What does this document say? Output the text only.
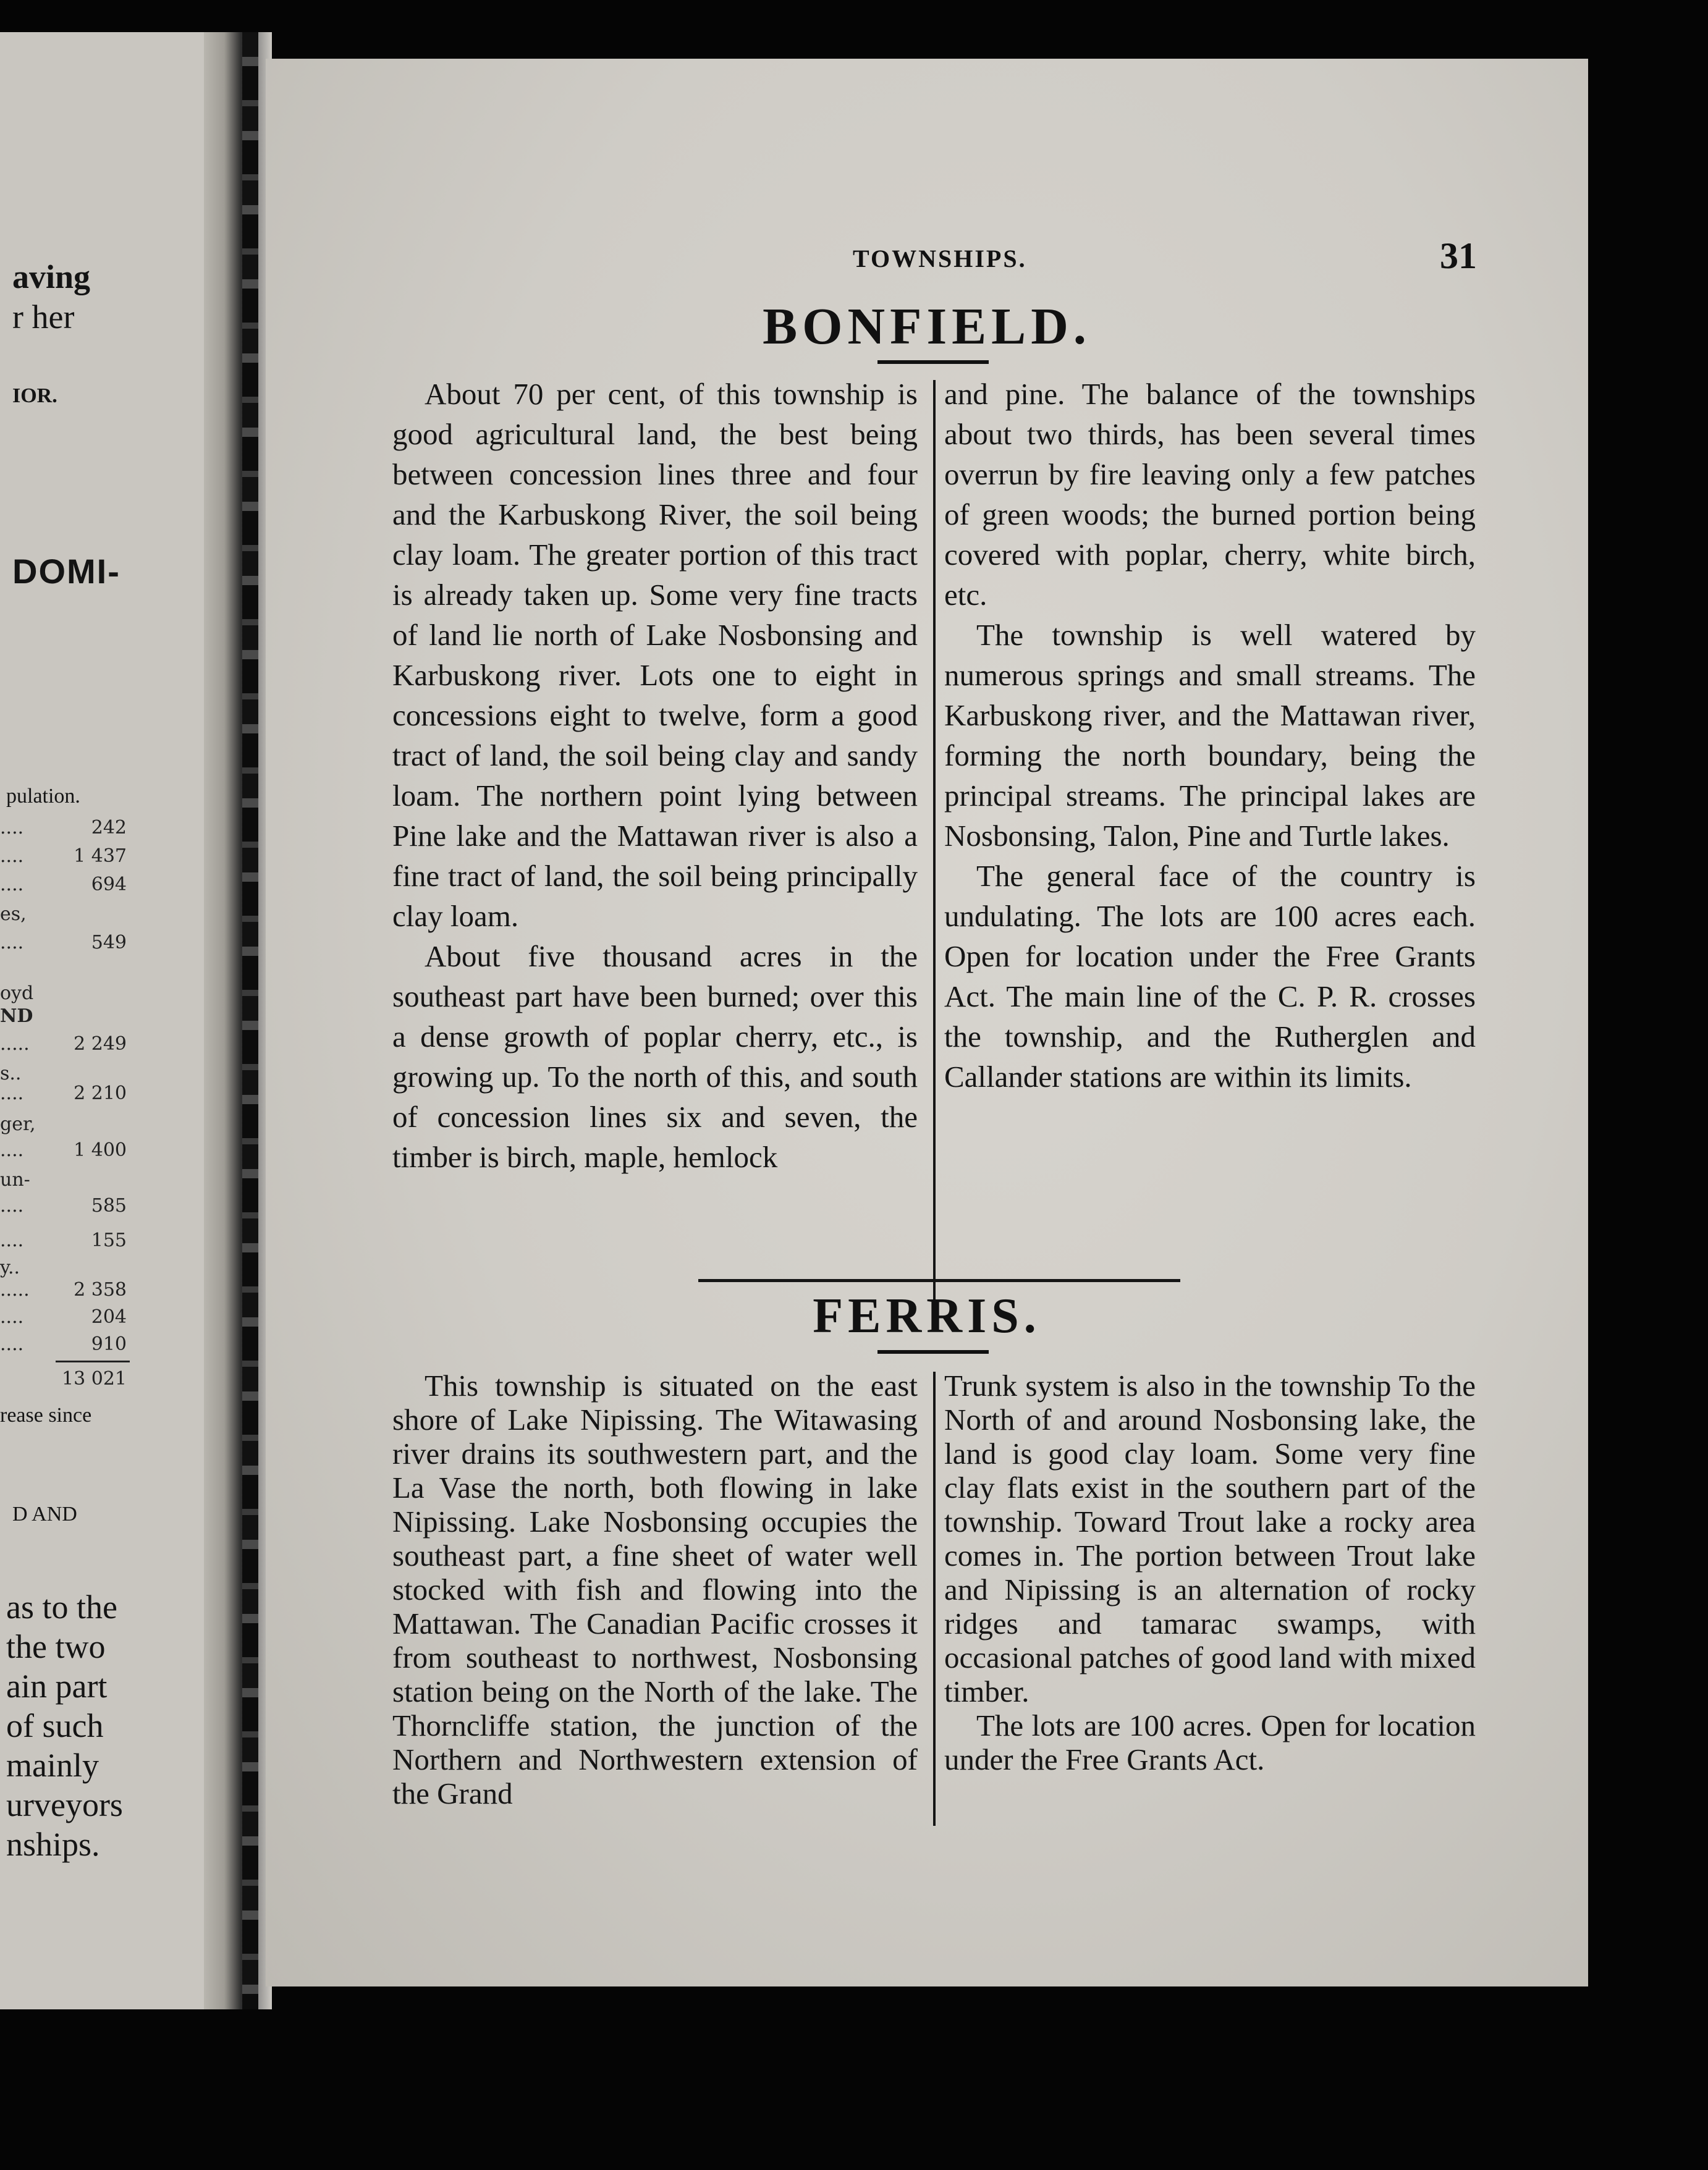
aving
r her
IOR.
DOMI-
pulation.
....	242
....	1 437
....	694
es,
....	549
oyd
ND
..... 2 249
s..
....	2 210
ger,
....	1 400
un-
....	585
....	155
y..
..... 2 358
....	204
....	910
13 021
rease since
D AND
as to the
the two
ain part
of such
mainly
urveyors
nships.
TOWNSHIPS.	31
BONFIELD.

About 70 per cent, of this township is good agricultural land, the best being between concession lines three and four and the Karbuskong River, the soil being clay loam. The greater portion of this tract is already taken up. Some very fine tracts of land lie north of Lake Nosbonsing and Karbuskong river. Lots one to eight in concessions eight to twelve, form a good tract of land, the soil being clay and sandy loam. The northern point lying between Pine lake and the Mattawan river is also a fine tract of land, the soil being principally clay loam.

About five thousand acres in the southeast part have been burned; over this a dense growth of poplar cherry, etc., is growing up. To the north of this, and south of concession lines six and seven, the timber is birch, maple, hemlock

and pine. The balance of the townships about two thirds, has been several times overrun by fire leaving only a few patches of green woods; the burned portion being covered with poplar, cherry, white birch, etc.

The township is well watered by numerous springs and small streams. The Karbuskong river, and the Mattawan river, forming the north boundary, being the principal streams. The principal lakes are Nosbonsing, Talon, Pine and Turtle lakes.

The general face of the country is undulating. The lots are 100 acres each. Open for location under the Free Grants Act. The main line of the C. P. R. crosses the township, and the Rutherglen and Callander stations are within its limits.

FERRIS.

This township is situated on the east shore of Lake Nipissing. The Witawasing river drains its southwestern part, and the La Vase the north, both flowing in lake Nipissing. Lake Nosbonsing occupies the southeast part, a fine sheet of water well stocked with fish and flowing into the Mattawan. The Canadian Pacific crosses it from southeast to northwest, Nosbonsing station being on the North of the lake. The Thorncliffe station, the junction of the Northern and Northwestern extension of the Grand

Trunk system is also in the township To the North of and around Nosbonsing lake, the land is good clay loam. Some very fine clay flats exist in the southern part of the township. Toward Trout lake a rocky area comes in. The portion between Trout lake and Nipissing is an alternation of rocky ridges and tamarac swamps, with occasional patches of good land with mixed timber.

The lots are 100 acres. Open for location under the Free Grants Act.
